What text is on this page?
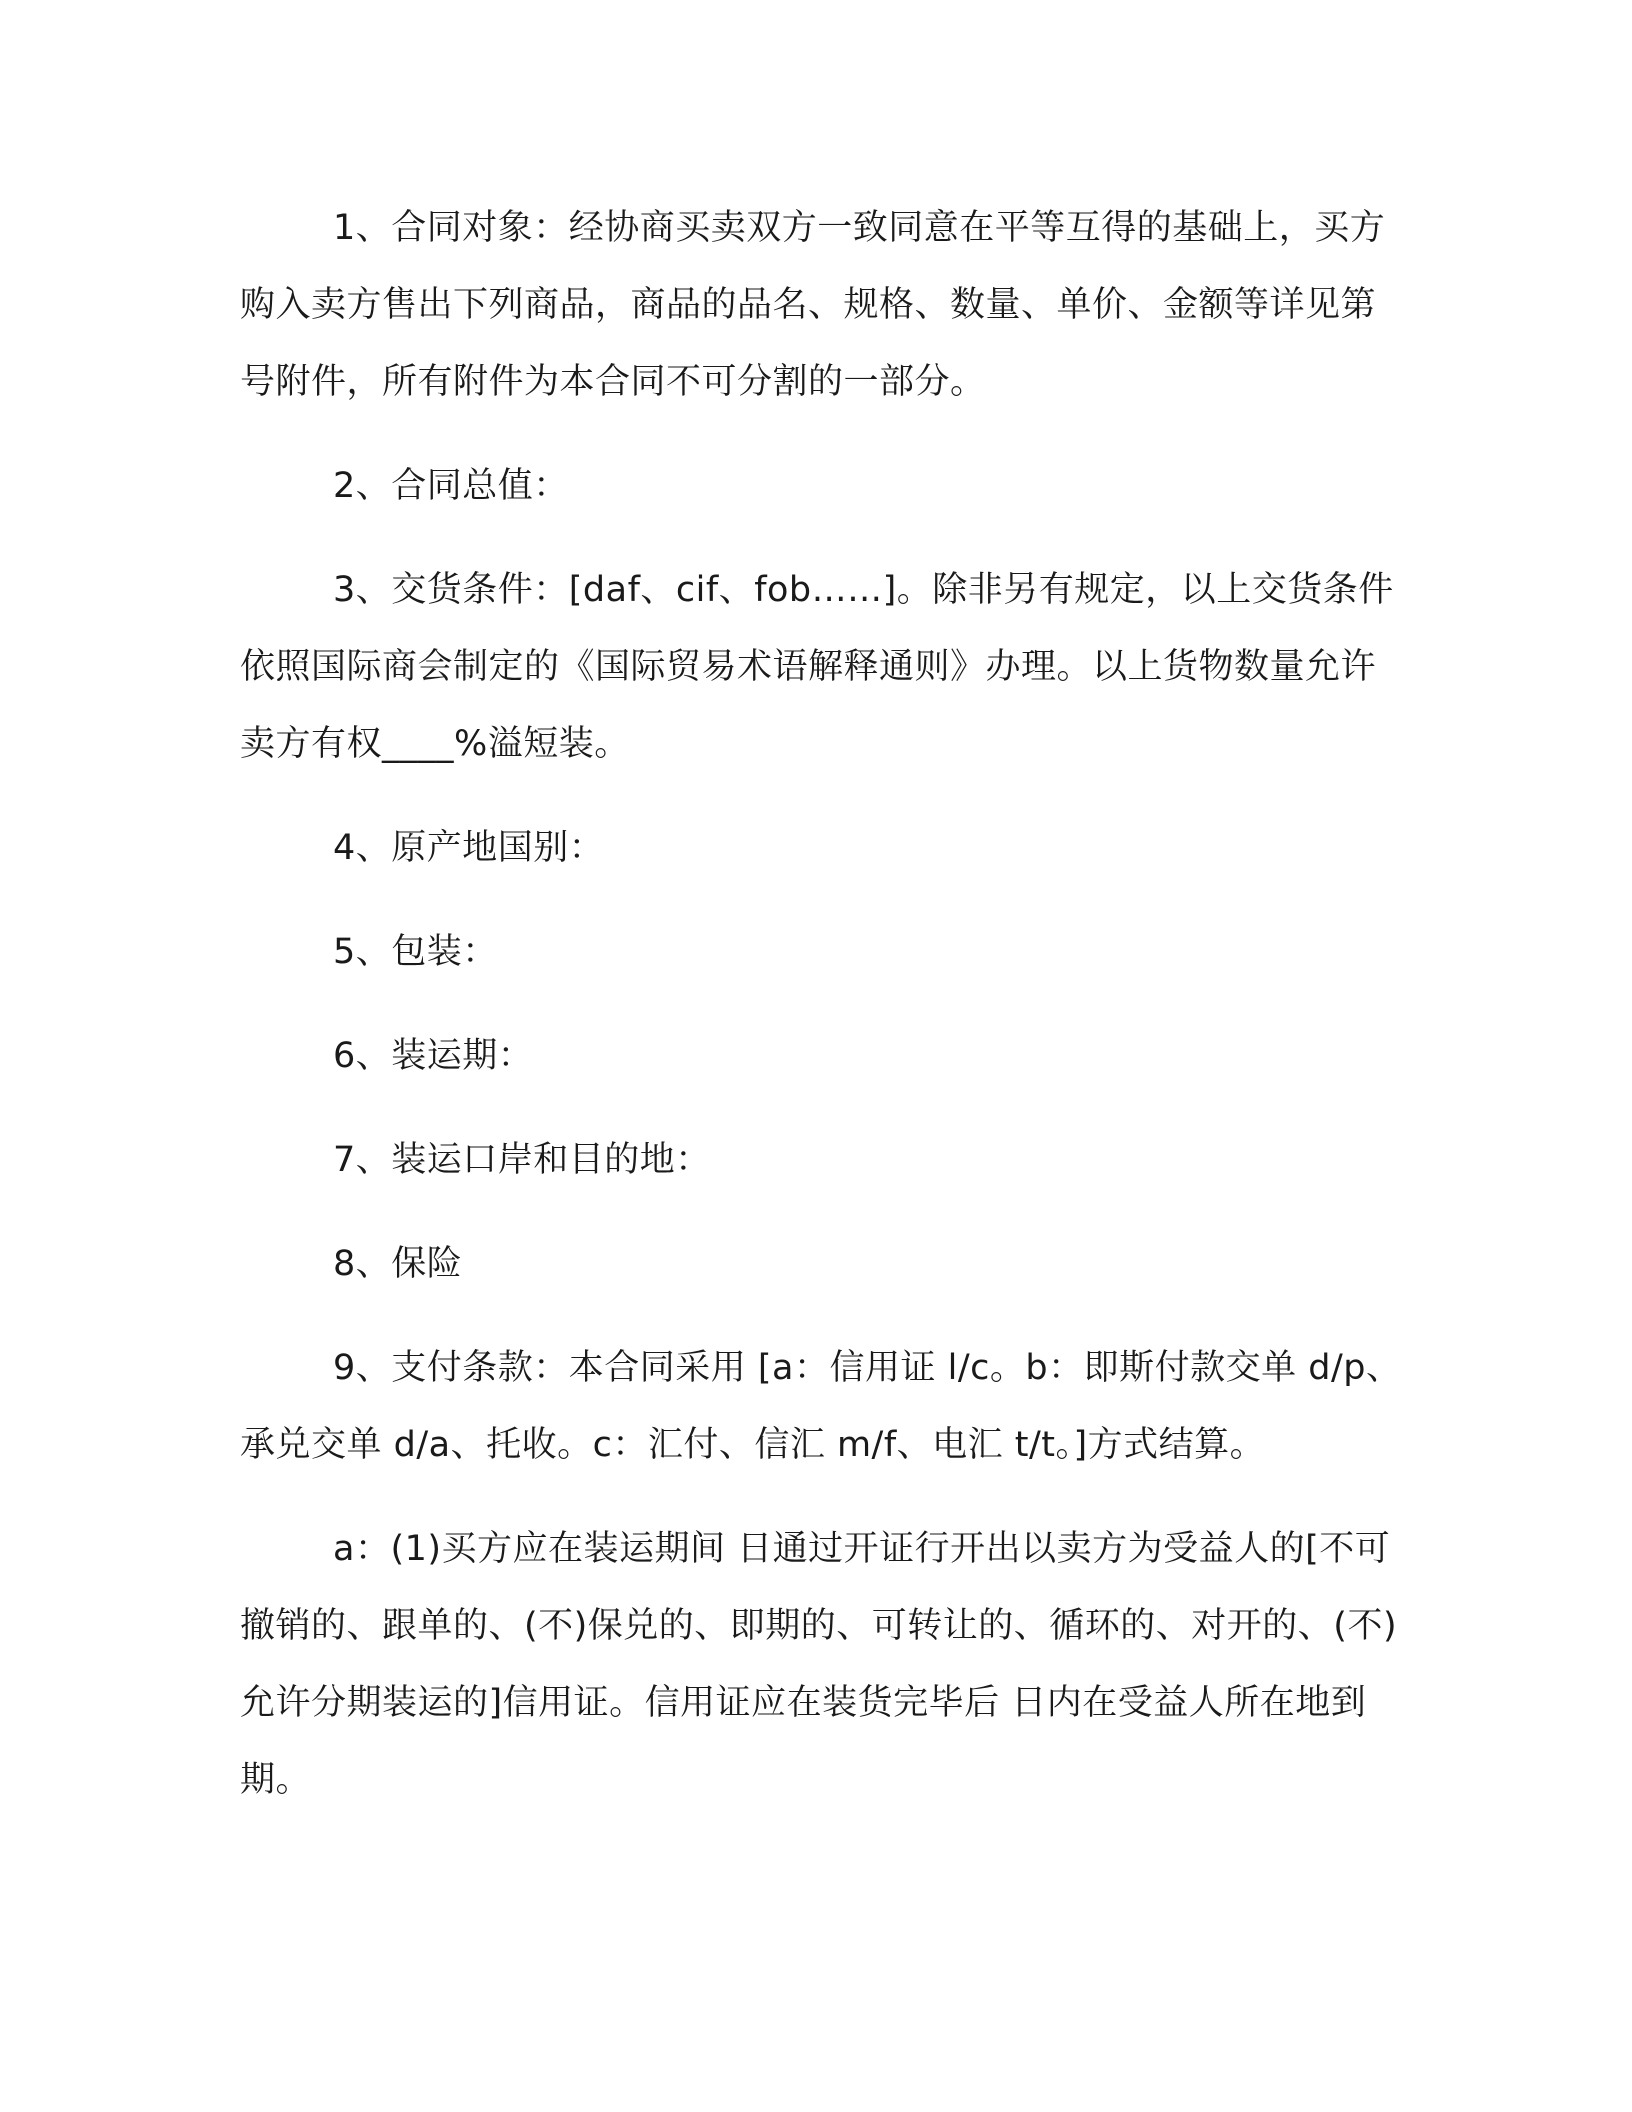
1、合同对象：经协商买卖双方一致同意在平等互得的基础上，买方购入卖方售出下列商品，商品的品名、规格、数量、单价、金额等详见第 号附件，所有附件为本合同不可分割的一部分。

2、合同总值：

3、交货条件：[daf、cif、fob……]。除非另有规定，以上交货条件依照国际商会制定的《国际贸易术语解释通则》办理。以上货物数量允许卖方有权____%溢短装。

4、原产地国别：

5、包装：

6、装运期：

7、装运口岸和目的地：

8、保险

9、支付条款：本合同采用 [a：信用证 l/c。b：即斯付款交单 d/p、承兑交单 d/a、托收。c：汇付、信汇 m/f、电汇 t/t。]方式结算。

a：(1)买方应在装运期间 日通过开证行开出以卖方为受益人的[不可撤销的、跟单的、(不)保兑的、即期的、可转让的、循环的、对开的、(不)允许分期装运的]信用证。信用证应在装货完毕后 日内在受益人所在地到期。
